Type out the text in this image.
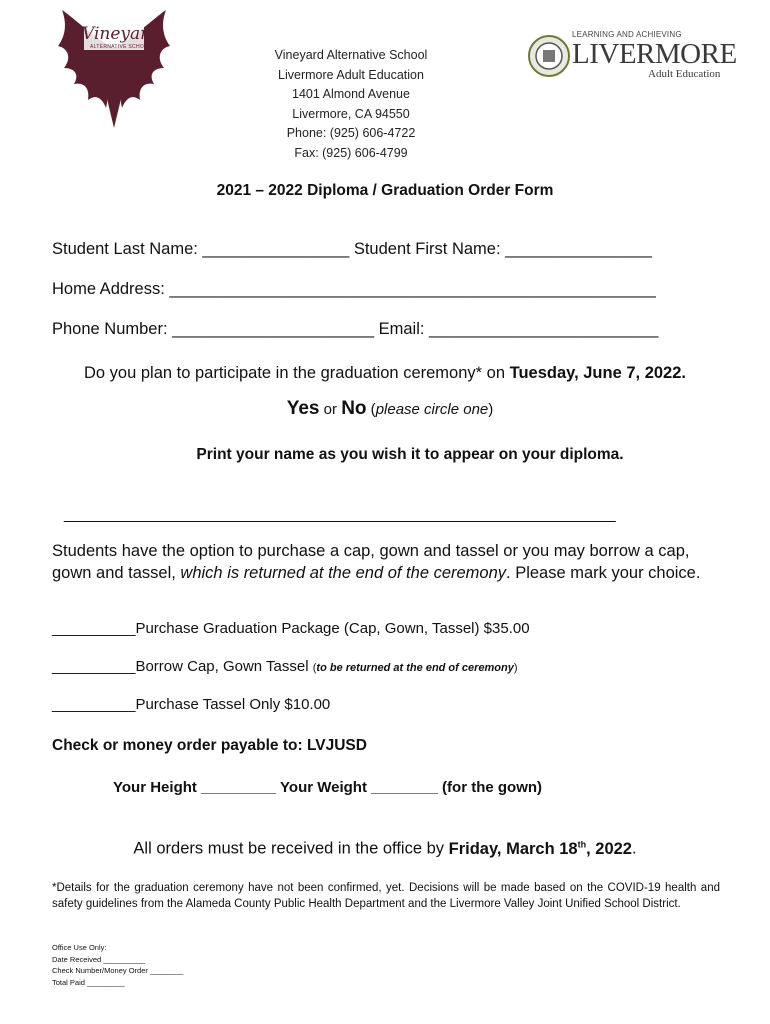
Vineyard
ALTERNATIVE SCHOOL
Vineyard Alternative School
Livermore Adult Education
1401 Almond Avenue
Livermore, CA 94550
Phone: (925) 606-4722
Fax: (925) 606-4799
LEARNING AND ACHIEVING
LIVERMORE
Adult Education
2021 – 2022 Diploma / Graduation Order Form
Student Last Name: ________________ Student First Name: ________________
Home Address: _____________________________________________________
Phone Number: ______________________ Email: _________________________
Do you plan to participate in the graduation ceremony* on Tuesday, June 7, 2022.
Yes or No (please circle one)
Print your name as you wish it to appear on your diploma.
______________________________________________________________
Students have the option to purchase a cap, gown and tassel or you may borrow a cap, gown and tassel, which is returned at the end of the ceremony. Please mark your choice.
__________Purchase Graduation Package (Cap, Gown, Tassel) $35.00
__________Borrow Cap, Gown Tassel (to be returned at the end of ceremony)
__________Purchase Tassel Only $10.00
Check or money order payable to: LVJUSD
Your Height _________ Your Weight ________ (for the gown)
All orders must be received in the office by Friday, March 18th, 2022.
*Details for the graduation ceremony have not been confirmed, yet. Decisions will be made based on the COVID-19 health and safety guidelines from the Alameda County Public Health Department and the Livermore Valley Joint Unified School District.
Office Use Only:
Date Received __________
Check Number/Money Order ________
Total Paid _________
